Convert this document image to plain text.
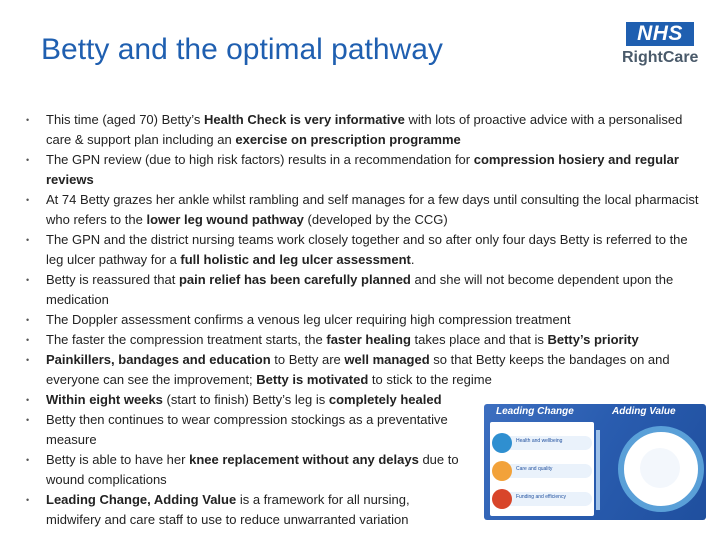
Betty and the optimal pathway	NHS
RightCare
• This time (aged 70) Betty’s Health Check is very informative with lots of proactive advice with a personalised care & support plan including an exercise on prescription programme
• The GPN review (due to high risk factors) results in a recommendation for compression hosiery and regular reviews
• At 74 Betty grazes her ankle whilst rambling and self manages for a few days until consulting the local pharmacist who refers to the lower leg wound pathway (developed by the CCG)
• The GPN and the district nursing teams work closely together and so after only four days Betty is referred to the leg ulcer pathway for a full holistic and leg ulcer assessment.
• Betty is reassured that pain relief has been carefully planned and she will not become dependent upon the medication
• The Doppler assessment confirms a venous leg ulcer requiring high compression treatment
• The faster the compression treatment starts, the faster healing takes place and that is Betty’s priority
• Painkillers, bandages and education to Betty are well managed so that Betty keeps the bandages on and everyone can see the improvement; Betty is motivated to stick to the regime
• Within eight weeks (start to finish) Betty’s leg is completely healed
• Betty then continues to wear compression stockings as a preventative measure
• Betty is able to have her knee replacement without any delays due to wound complications
• Leading Change, Adding Value is a framework for all nursing, midwifery and care staff to use to reduce unwarranted variation
Leading Change	Adding Value
Health and wellbeing
Care and quality
Funding and efficiency
